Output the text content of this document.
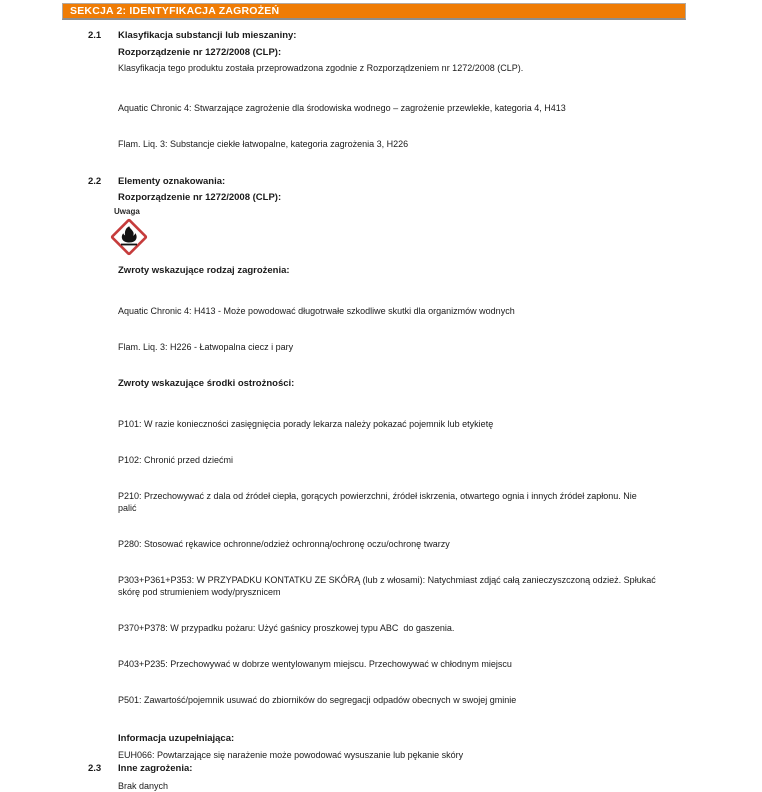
SEKCJA 2: IDENTYFIKACJA ZAGROŻEŃ
2.1	Klasyfikacja substancji lub mieszaniny:
Rozporządzenie nr 1272/2008 (CLP):
Klasyfikacja tego produktu została przeprowadzona zgodnie z Rozporządzeniem nr 1272/2008 (CLP).

Aquatic Chronic 4: Stwarzające zagrożenie dla środowiska wodnego – zagrożenie przewlekłe, kategoria 4, H413

Flam. Liq. 3: Substancje ciekłe łatwopalne, kategoria zagrożenia 3, H226

2.2	Elementy oznakowania:
Rozporządzenie nr 1272/2008 (CLP):
Uwaga
Zwroty wskazujące rodzaj zagrożenia:

Aquatic Chronic 4: H413 - Może powodować długotrwałe szkodliwe skutki dla organizmów wodnych

Flam. Liq. 3: H226 - Łatwopalna ciecz i pary

Zwroty wskazujące środki ostrożności:

P101: W razie konieczności zasięgnięcia porady lekarza należy pokazać pojemnik lub etykietę

P102: Chronić przed dziećmi

P210: Przechowywać z dala od źródeł ciepła, gorących powierzchni, źródeł iskrzenia, otwartego ognia i innych źródeł zapłonu. Nie
palić

P280: Stosować rękawice ochronne/odzież ochronną/ochronę oczu/ochronę twarzy

P303+P361+P353: W PRZYPADKU KONTATKU ZE SKÓRĄ (lub z włosami): Natychmiast zdjąć całą zanieczyszczoną odzież. Spłukać
skórę pod strumieniem wody/prysznicem

P370+P378: W przypadku pożaru: Użyć gaśnicy proszkowej typu ABC  do gaszenia.

P403+P235: Przechowywać w dobrze wentylowanym miejscu. Przechowywać w chłodnym miejscu

P501: Zawartość/pojemnik usuwać do zbiorników do segregacji odpadów obecnych w swojej gminie

Informacja uzupełniająca:
EUH066: Powtarzające się narażenie może powodować wysuszanie lub pękanie skóry
2.3	Inne zagrożenia:
Brak danych
